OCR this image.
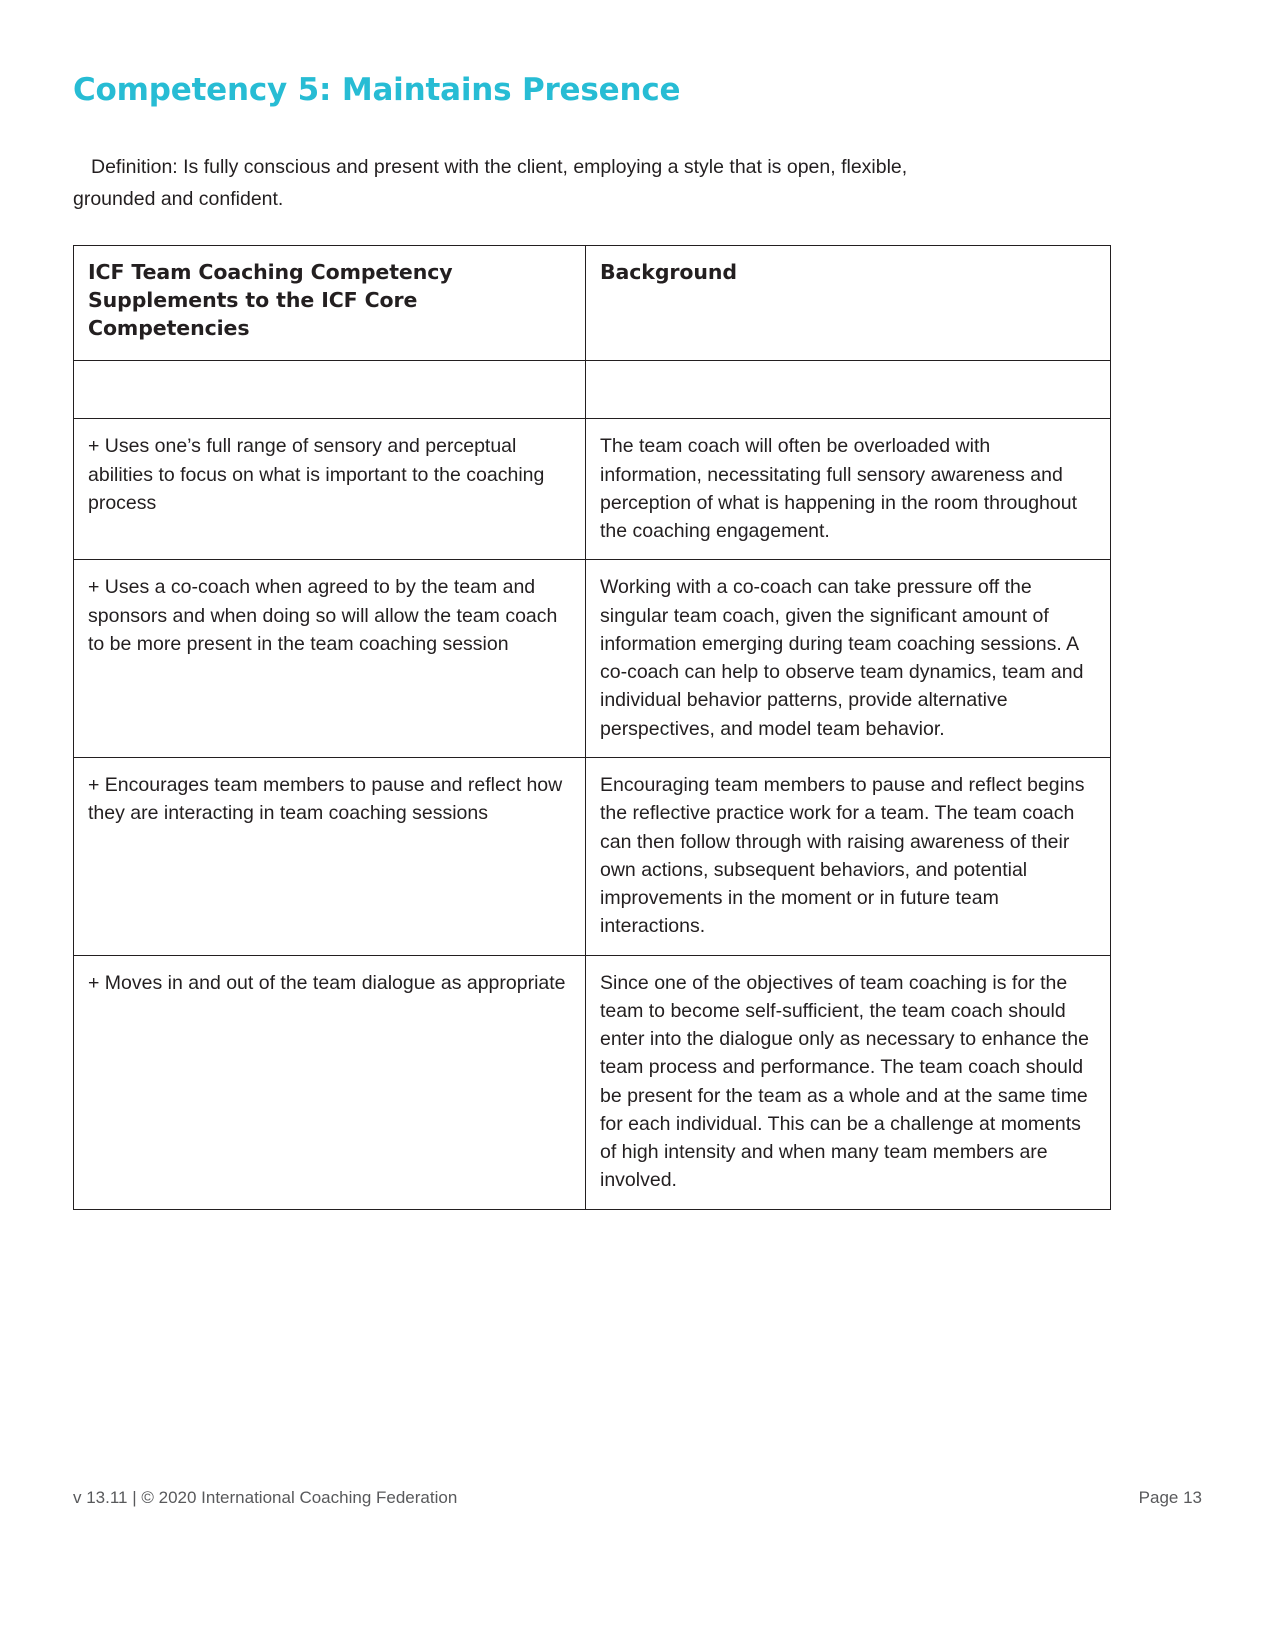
Competency 5: Maintains Presence

Definition: Is fully conscious and present with the client, employing a style that is open, flexible, grounded and confident.

ICF Team Coaching Competency Supplements to the ICF Core Competencies	Background

+ Uses one’s full range of sensory and perceptual abilities to focus on what is important to the coaching process	The team coach will often be overloaded with information, necessitating full sensory awareness and perception of what is happening in the room throughout the coaching engagement.
+ Uses a co-coach when agreed to by the team and sponsors and when doing so will allow the team coach to be more present in the team coaching session	Working with a co-coach can take pressure off the singular team coach, given the significant amount of information emerging during team coaching sessions. A co-coach can help to observe team dynamics, team and individual behavior patterns, provide alternative perspectives, and model team behavior.
+ Encourages team members to pause and reflect how they are interacting in team coaching sessions	Encouraging team members to pause and reflect begins the reflective practice work for a team. The team coach can then follow through with raising awareness of their own actions, subsequent behaviors, and potential improvements in the moment or in future team interactions.
+ Moves in and out of the team dialogue as appropriate	Since one of the objectives of team coaching is for the team to become self-sufficient, the team coach should enter into the dialogue only as necessary to enhance the team process and performance. The team coach should be present for the team as a whole and at the same time for each individual. This can be a challenge at moments of high intensity and when many team members are involved.
v 13.11 | © 2020 International Coaching Federation	Page 13
